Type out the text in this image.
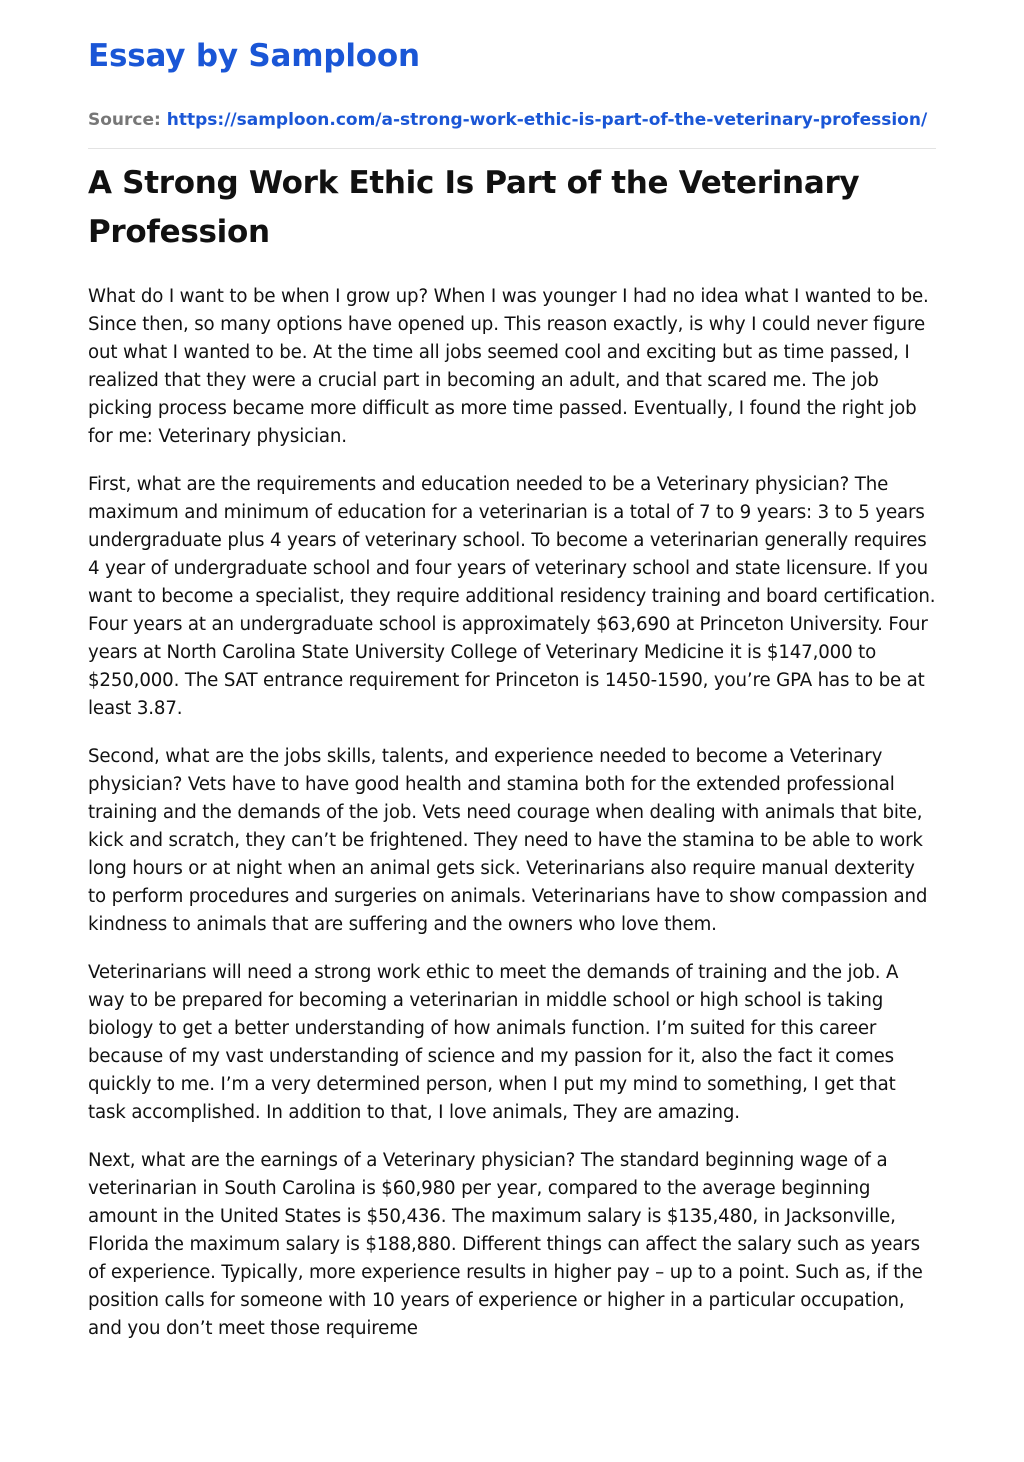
Essay by Samploon
Source: https://samploon.com/a-strong-work-ethic-is-part-of-the-veterinary-profession/
A Strong Work Ethic Is Part of the Veterinary Profession

What do I want to be when I grow up? When I was younger I had no idea what I wanted to be. Since then, so many options have opened up. This reason exactly, is why I could never figure out what I wanted to be. At the time all jobs seemed cool and exciting but as time passed, I realized that they were a crucial part in becoming an adult, and that scared me. The job picking process became more difficult as more time passed. Eventually, I found the right job for me: Veterinary physician.

First, what are the requirements and education needed to be a Veterinary physician? The maximum and minimum of education for a veterinarian is a total of 7 to 9 years: 3 to 5 years undergraduate plus 4 years of veterinary school. To become a veterinarian generally requires 4 year of undergraduate school and four years of veterinary school and state licensure. If you want to become a specialist, they require additional residency training and board certification. Four years at an undergraduate school is approximately $63,690 at Princeton University. Four years at North Carolina State University College of Veterinary Medicine it is $147,000 to $250,000. The SAT entrance requirement for Princeton is 1450-1590, you’re GPA has to be at least 3.87.

Second, what are the jobs skills, talents, and experience needed to become a Veterinary physician? Vets have to have good health and stamina both for the extended professional training and the demands of the job. Vets need courage when dealing with animals that bite, kick and scratch, they can’t be frightened. They need to have the stamina to be able to work long hours or at night when an animal gets sick. Veterinarians also require manual dexterity to perform procedures and surgeries on animals. Veterinarians have to show compassion and kindness to animals that are suffering and the owners who love them.

Veterinarians will need a strong work ethic to meet the demands of training and the job. A way to be prepared for becoming a veterinarian in middle school or high school is taking biology to get a better understanding of how animals function. I’m suited for this career because of my vast understanding of science and my passion for it, also the fact it comes quickly to me. I’m a very determined person, when I put my mind to something, I get that task accomplished. In addition to that, I love animals, They are amazing.

Next, what are the earnings of a Veterinary physician? The standard beginning wage of a veterinarian in South Carolina is $60,980 per year, compared to the average beginning amount in the United States is $50,436. The maximum salary is $135,480, in Jacksonville, Florida the maximum salary is $188,880. Different things can affect the salary such as years of experience. Typically, more experience results in higher pay – up to a point. Such as, if the position calls for someone with 10 years of experience or higher in a particular occupation, and you don’t meet those requireme
